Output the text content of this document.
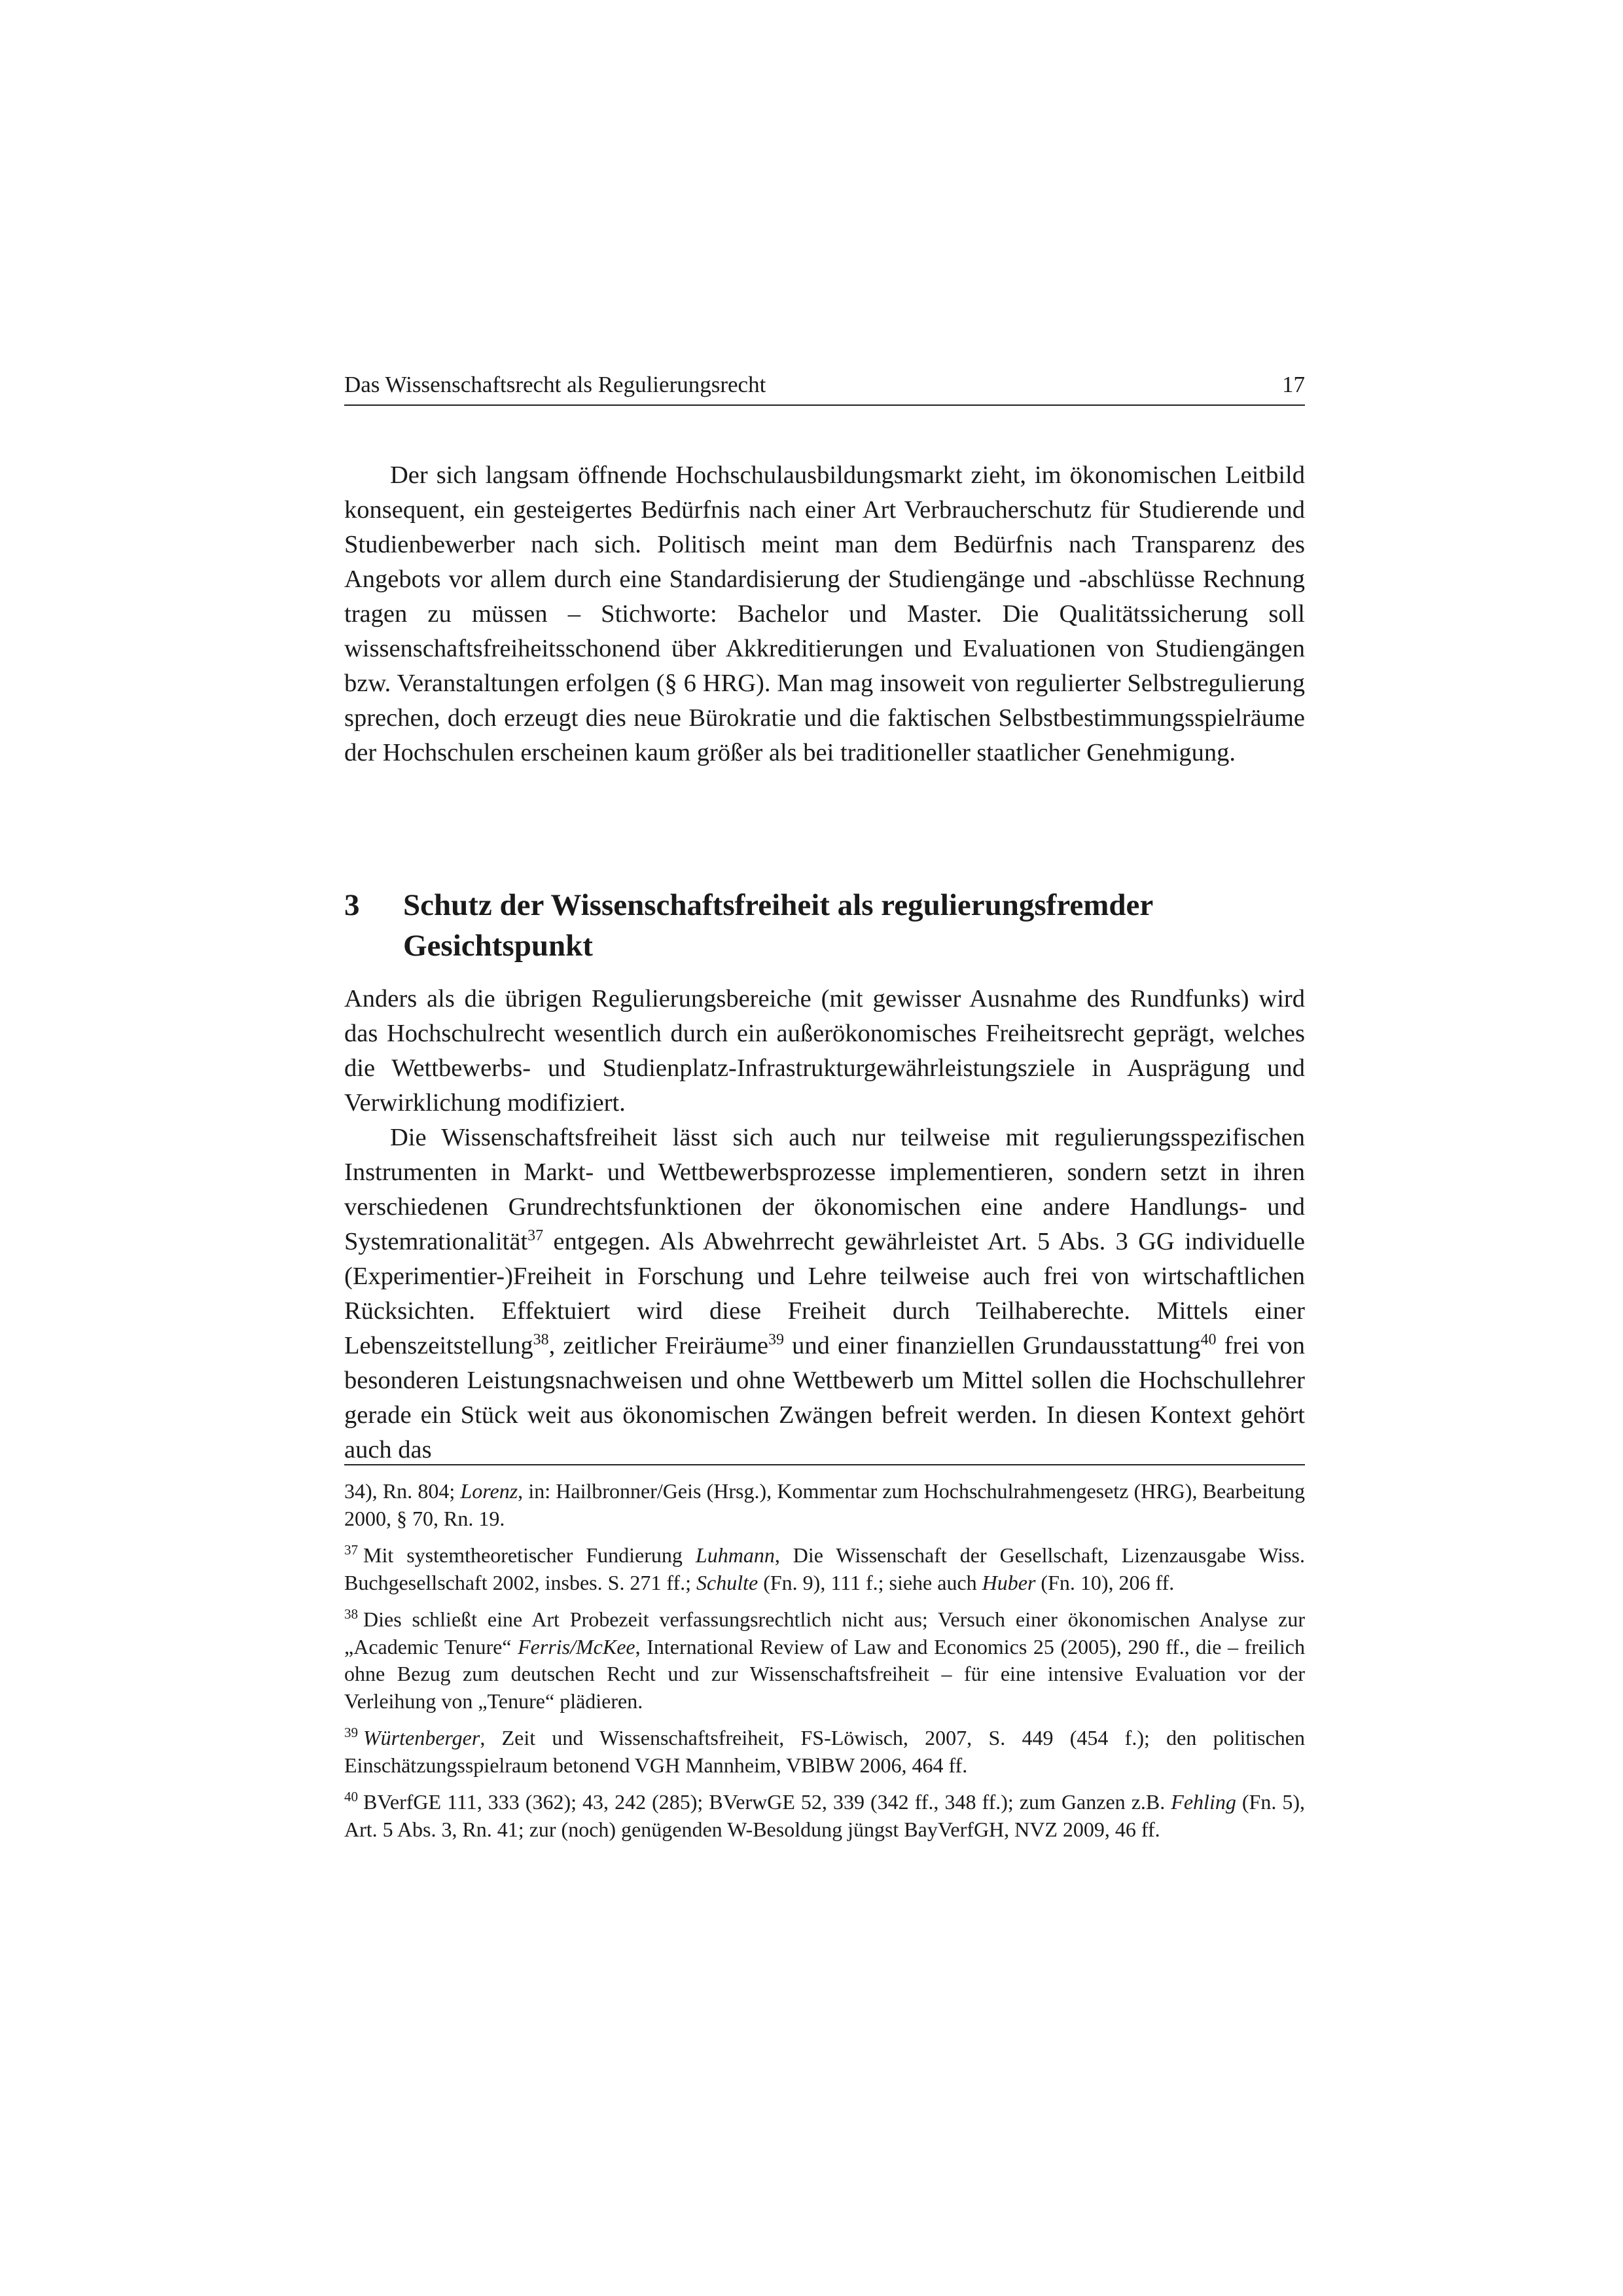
Das Wissenschaftsrecht als Regulierungsrecht	17

Der sich langsam öffnende Hochschulausbildungsmarkt zieht, im ökonomischen Leitbild konsequent, ein gesteigertes Bedürfnis nach einer Art Verbraucherschutz für Studierende und Studienbewerber nach sich. Politisch meint man dem Bedürfnis nach Transparenz des Angebots vor allem durch eine Standardisierung der Studiengänge und -abschlüsse Rechnung tragen zu müssen – Stichworte: Bachelor und Master. Die Qualitätssicherung soll wissenschaftsfreiheitsschonend über Akkreditierungen und Evaluationen von Studiengängen bzw. Veranstaltungen erfolgen (§ 6 HRG). Man mag insoweit von regulierter Selbstregulierung sprechen, doch erzeugt dies neue Bürokratie und die faktischen Selbstbestimmungsspielräume der Hochschulen erscheinen kaum größer als bei traditioneller staatlicher Genehmigung.

3	Schutz der Wissenschaftsfreiheit als regulierungsfremder Gesichtspunkt

Anders als die übrigen Regulierungsbereiche (mit gewisser Ausnahme des Rundfunks) wird das Hochschulrecht wesentlich durch ein außerökonomisches Freiheitsrecht geprägt, welches die Wettbewerbs- und Studienplatz-Infrastrukturgewährleistungsziele in Ausprägung und Verwirklichung modifiziert.

Die Wissenschaftsfreiheit lässt sich auch nur teilweise mit regulierungsspezifischen Instrumenten in Markt- und Wettbewerbsprozesse implementieren, sondern setzt in ihren verschiedenen Grundrechtsfunktionen der ökonomischen eine andere Handlungs- und Systemrationalität$^{37}$ entgegen. Als Abwehrrecht gewährleistet Art. 5 Abs. 3 GG individuelle (Experimentier-)Freiheit in Forschung und Lehre teilweise auch frei von wirtschaftlichen Rücksichten. Effektuiert wird diese Freiheit durch Teilhaberechte. Mittels einer Lebenszeitstellung$^{38}$, zeitlicher Freiräume$^{39}$ und einer finanziellen Grundausstattung$^{40}$ frei von besonderen Leistungsnachweisen und ohne Wettbewerb um Mittel sollen die Hochschullehrer gerade ein Stück weit aus ökonomischen Zwängen befreit werden. In diesen Kontext gehört auch das

34), Rn. 804; Lorenz, in: Hailbronner/Geis (Hrsg.), Kommentar zum Hochschulrahmengesetz (HRG), Bearbeitung 2000, § 70, Rn. 19.

$^{37}$ Mit systemtheoretischer Fundierung Luhmann, Die Wissenschaft der Gesellschaft, Lizenzausgabe Wiss. Buchgesellschaft 2002, insbes. S. 271 ff.; Schulte (Fn. 9), 111 f.; siehe auch Huber (Fn. 10), 206 ff.

$^{38}$ Dies schließt eine Art Probezeit verfassungsrechtlich nicht aus; Versuch einer ökonomischen Analyse zur „Academic Tenure“ Ferris/McKee, International Review of Law and Economics 25 (2005), 290 ff., die – freilich ohne Bezug zum deutschen Recht und zur Wissenschaftsfreiheit – für eine intensive Evaluation vor der Verleihung von „Tenure“ plädieren.

$^{39}$ Würtenberger, Zeit und Wissenschaftsfreiheit, FS-Löwisch, 2007, S. 449 (454 f.); den politischen Einschätzungsspielraum betonend VGH Mannheim, VBlBW 2006, 464 ff.

$^{40}$ BVerfGE 111, 333 (362); 43, 242 (285); BVerwGE 52, 339 (342 ff., 348 ff.); zum Ganzen z.B. Fehling (Fn. 5), Art. 5 Abs. 3, Rn. 41; zur (noch) genügenden W-Besoldung jüngst BayVerfGH, NVZ 2009, 46 ff.
